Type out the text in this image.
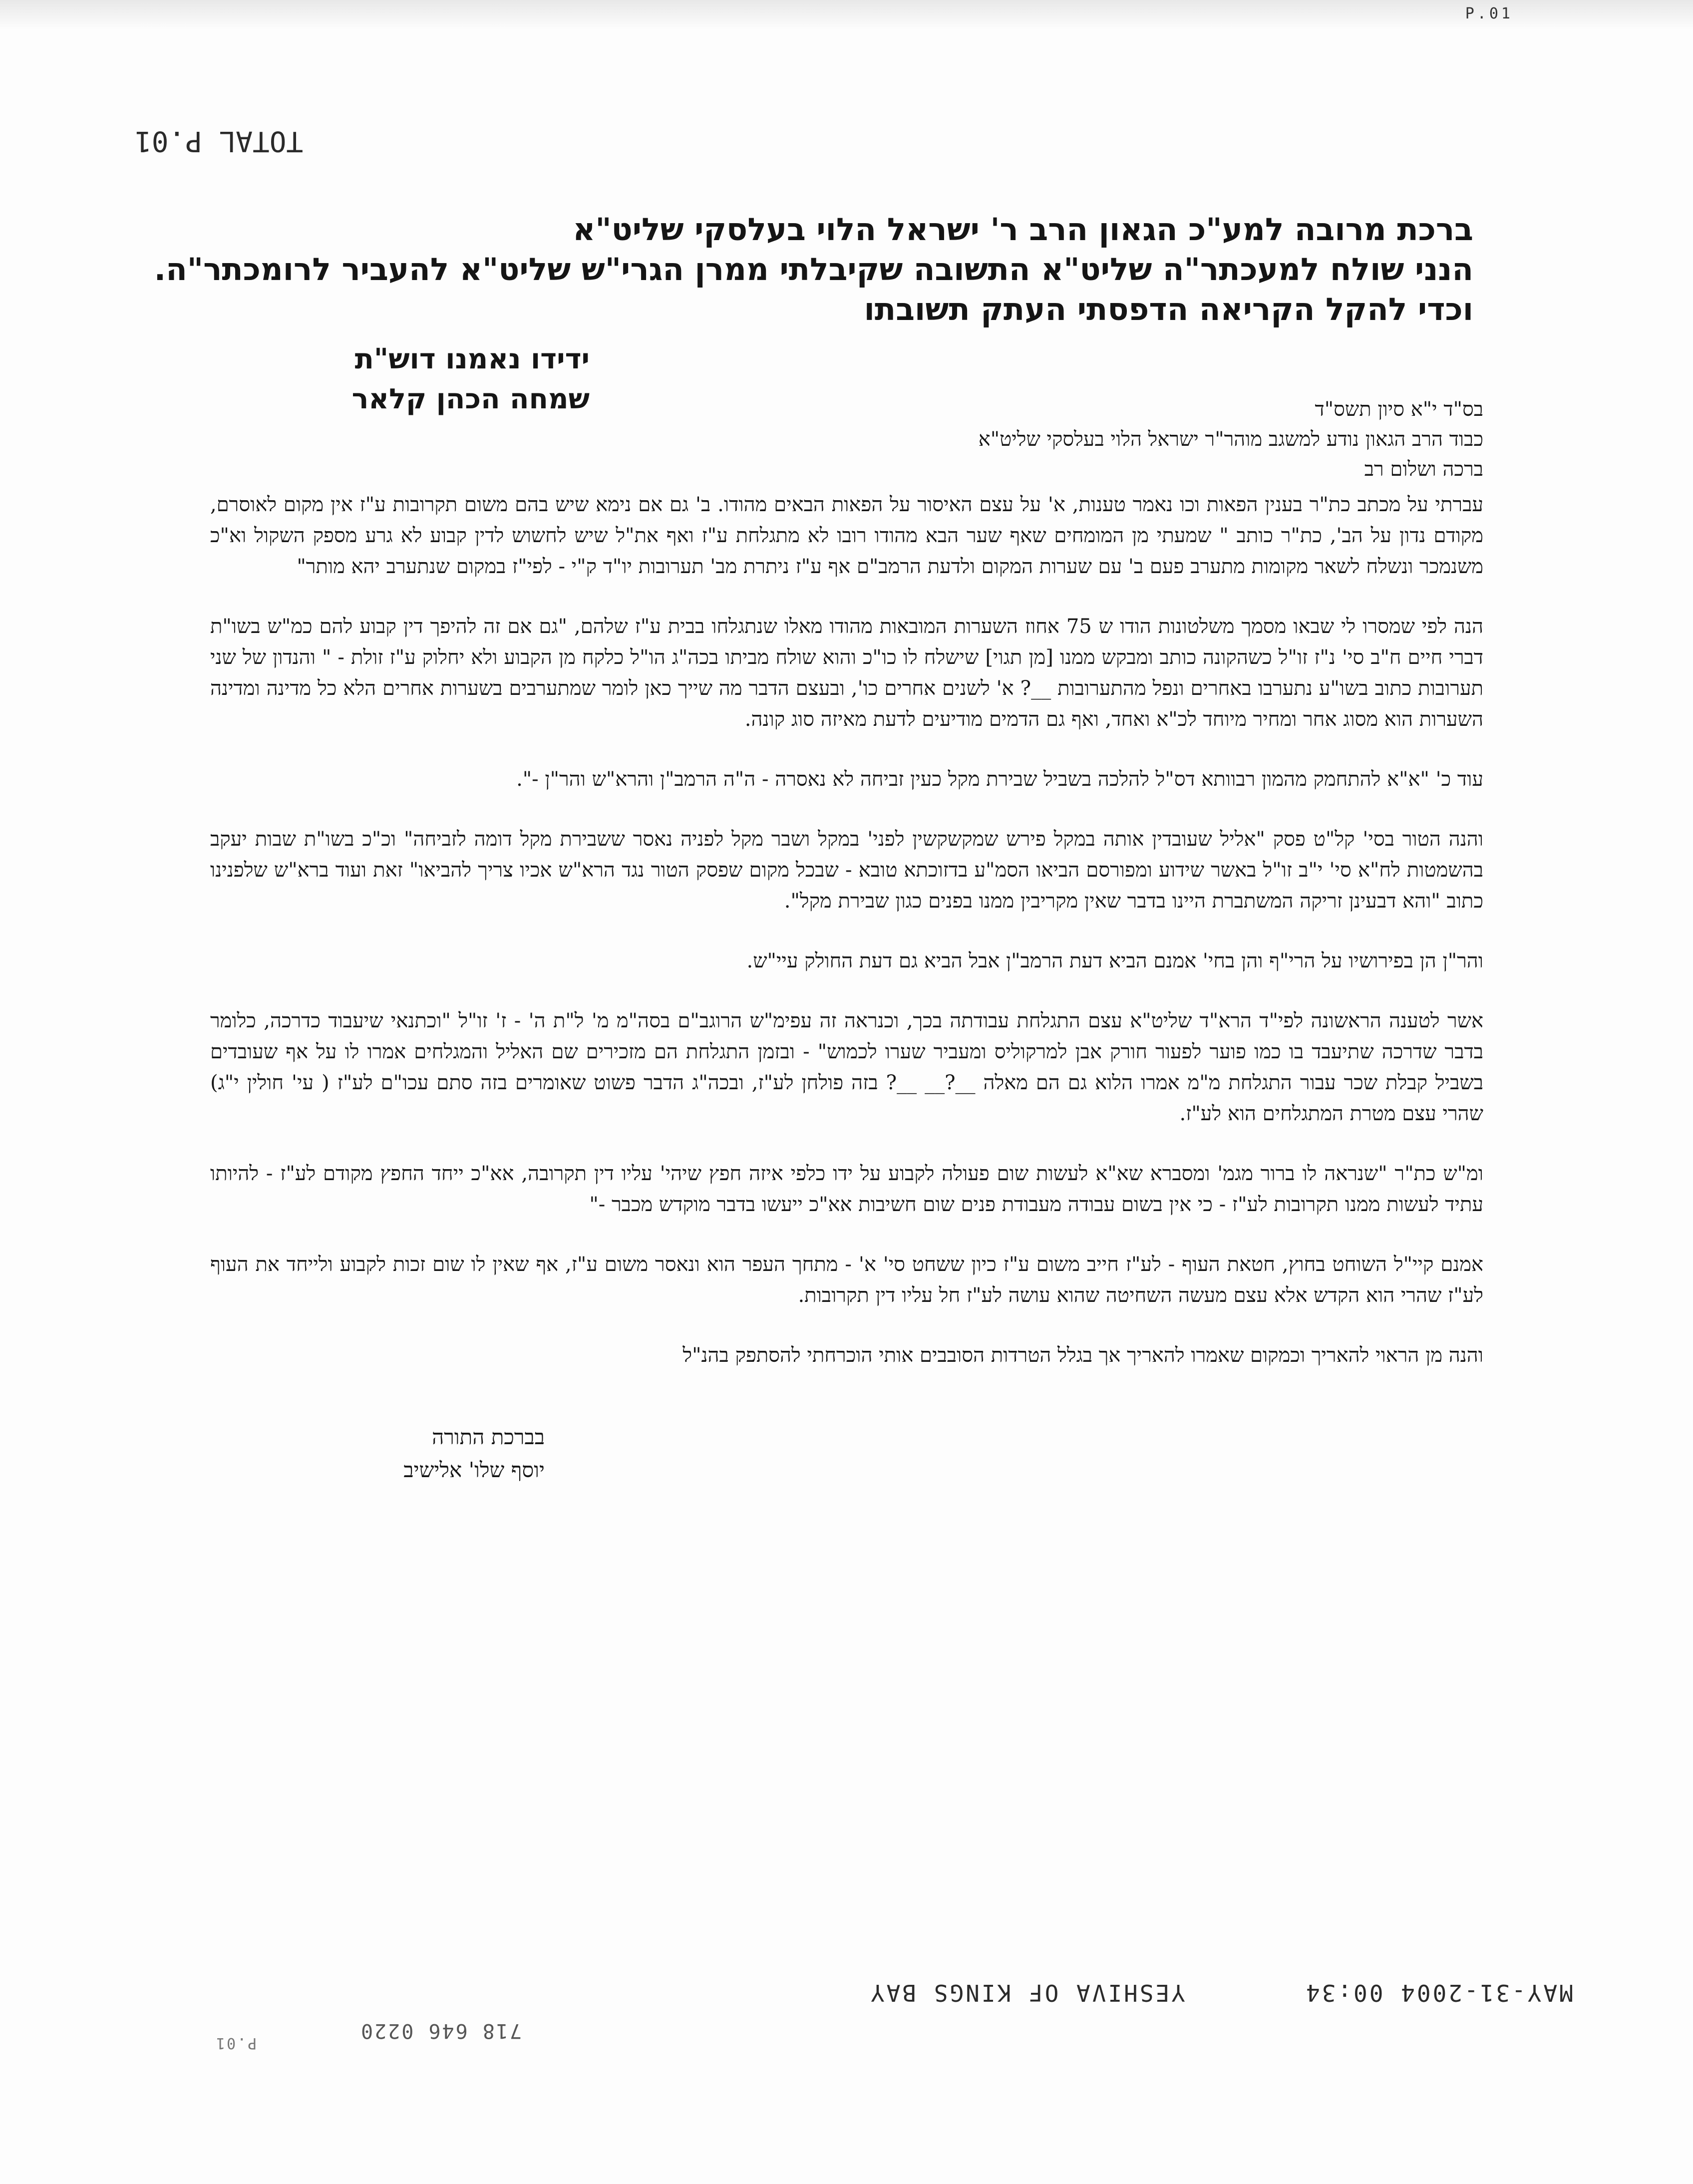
P.01
TOTAL P.01
ברכת מרובה למע"כ הגאון הרב ר' ישראל הלוי בעלסקי שליט"א
הנני שולח למעכתר"ה שליט"א התשובה שקיבלתי ממרן הגרי"ש שליט"א להעביר לרומכתר"ה.
וכדי להקל הקריאה הדפסתי העתק תשובתו
ידידו נאמנו דוש"ת
שמחה הכהן קלאר	בס"ד י"א סיון תשס"ד
כבוד הרב הגאון נודע למשגב מוהר"ר ישראל הלוי בעלסקי שליט"א
ברכה ושלום רב
עברתי על מכתב כת"ר בענין הפאות וכו נאמר טענות, א' על עצם האיסור על הפאות הבאים מהודו. ב' גם אם נימא שיש בהם משום תקרובות ע"ז אין מקום לאוסרם, מקודם נדון על הב', כת"ר כותב " שמעתי מן המומחים שאף שער הבא מהודו רובו לא מתגלחת ע"ז ואף את"ל שיש לחשוש לדין קבוע לא גרע מספק השקול וא"כ משנמכר ונשלח לשאר מקומות מתערב פעם ב' עם שערות המקום ולדעת הרמב"ם אף ע"ז ניתרת מב' תערובות יו"ד ק"י - לפי"ז במקום שנתערב יהא מותר"
הנה לפי שמסרו לי שבאו מסמך משלטונות הודו ש 75 אחוז השערות המובאות מהודו מאלו שנתגלחו בבית ע"ז שלהם, "גם אם זה להיפך דין קבוע להם כמ"ש בשו"ת דברי חיים ח"ב סי' נ"ז זו"ל כשהקונה כותב ומבקש ממנו [מן תגוי] שישלח לו כו"כ והוא שולח מביתו בכה"ג הו"ל כלקח מן הקבוע ולא יחלוק ע"ז זולת - " והנדון של שני תערובות כתוב בשו"ע נתערבו באחרים ונפל מהתערובות __? א' לשנים אחרים כו', ובעצם הדבר מה שייך כאן לומר שמתערבים בשערות אחרים הלא כל מדינה ומדינה השערות הוא מסוג אחר ומחיר מיוחד לכ"א ואחד, ואף גם הדמים מודיעים לדעת מאיזה סוג קונה.
עוד כ' "א"א להתחמק מהמון רבוותא דס"ל להלכה בשביל שבירת מקל כעין זביחה לא נאסרה - ה"ה הרמב"ן והרא"ש והר"ן -".
והנה הטור בסי' קל"ט פסק "אליל שעובדין אותה במקל פירש שמקשקשין לפני' במקל ושבר מקל לפניה נאסר ששבירת מקל דומה לזביחה" וכ"כ בשו"ת שבות יעקב בהשמטות לח"א סי' י"ב זו"ל באשר שידוע ומפורסם הביאו הסמ"ע בדזוכתא טובא - שבכל מקום שפסק הטור נגד הרא"ש אכיו צריך להביאו" זאת ועוד ברא"ש שלפנינו כתוב "והא דבעינן זריקה המשתברת היינו בדבר שאין מקריבין ממנו בפנים כגון שבירת מקל".
והר"ן הן בפירושיו על הרי"ף והן בחי' אמנם הביא דעת הרמב"ן אבל הביא גם דעת החולק עיי"ש.
אשר לטענה הראשונה לפי"ד הרא"ד שליט"א עצם התגלחת עבודתה בכך, וכנראה זה עפימ"ש הרוגב"ם בסה"מ מ' ל"ת ה' - ז' זו"ל "וכתנאי שיעבוד כדרכה, כלומר בדבר שדרכה שתיעבד בו כמו פוער לפעור חורק אבן למרקוליס ומעביר שערו לכמוש" - ובזמן התגלחת הם מזכירים שם האליל והמגלחים אמרו לו על אף שעובדים בשביל קבלת שכר עבור התגלחת מ"מ אמרו הלוא גם הם מאלה __?__ __? בזה פולחן לע"ז, ובכה"ג הדבר פשוט שאומרים בזה סתם עכו"ם לע"ז ( עי' חולין י"ג) שהרי עצם מטרת המתגלחים הוא לע"ז.
ומ"ש כת"ר "שנראה לו ברור מגמ' ומסברא שא"א לעשות שום פעולה לקבוע על ידו כלפי איזה חפץ שיהי' עליו דין תקרובה, אא"כ ייחד החפץ מקודם לע"ז - להיותו עתיד לעשות ממנו תקרובות לע"ז - כי אין בשום עבודה מעבודת פנים שום חשיבות אא"כ ייעשו בדבר מוקדש מכבר -"
אמנם קיי"ל השוחט בחוץ, חטאת העוף - לע"ז חייב משום ע"ז כיון ששחט סי' א' - מתחך העפר הוא ונאסר משום ע"ז, אף שאין לו שום זכות לקבוע ולייחד את העוף לע"ז שהרי הוא הקדש אלא עצם מעשה השחיטה שהוא עושה לע"ז חל עליו דין תקרובות.
והנה מן הראוי להאריך וכמקום שאמרו להאריך אך בגלל הטרדות הסובבים אותי הוכרחתי להסתפק בהנ"ל
בברכת התורה
יוסף שלו' אלישיב
MAY-31-2004 00:34
YESHIVA OF KINGS BAY
718 646 0220
P.01
